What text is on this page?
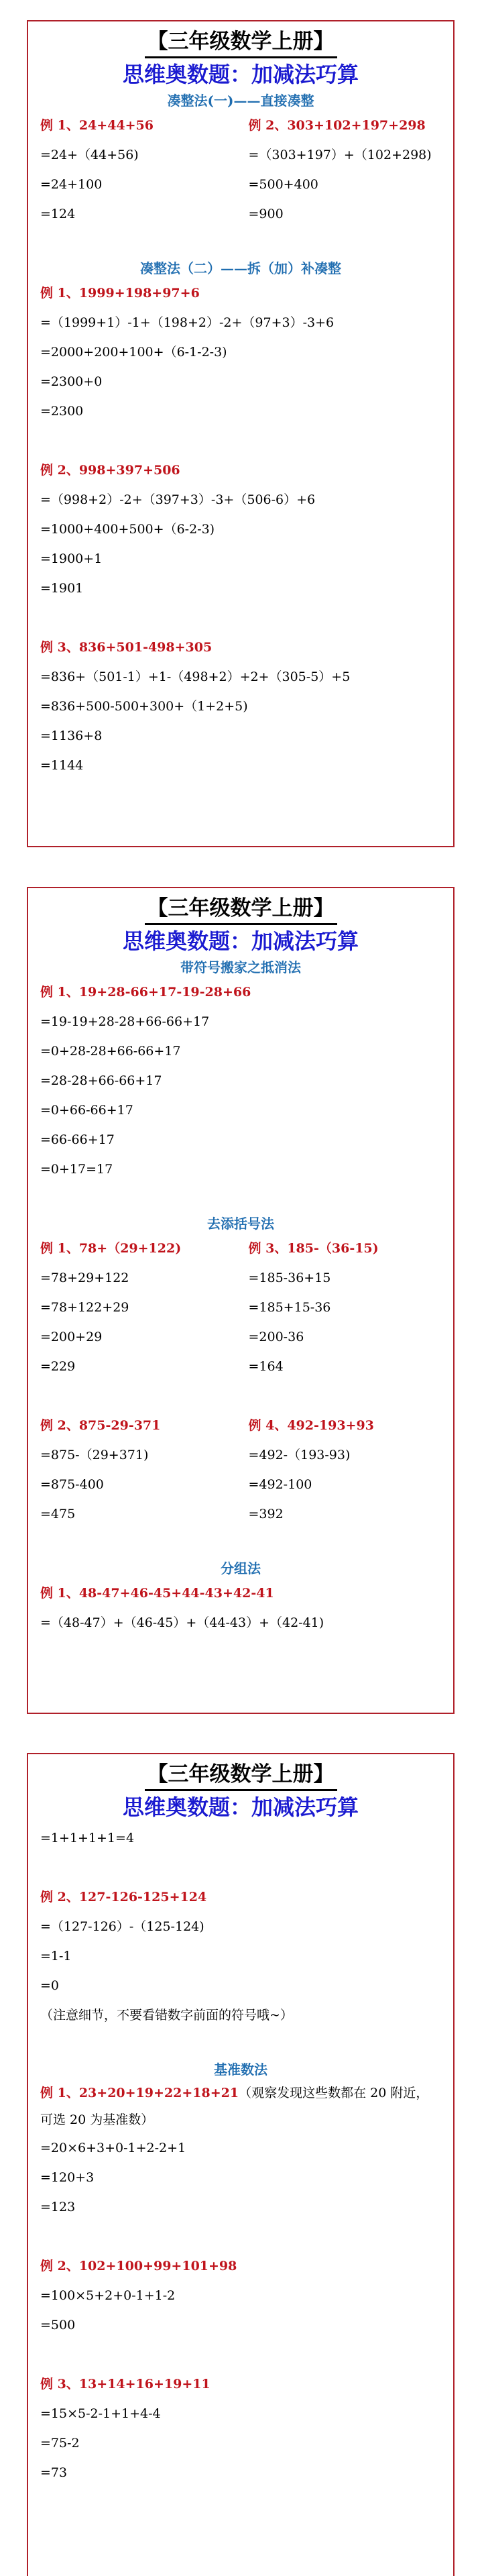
【三年级数学上册】
思维奥数题：加减法巧算
凑整法(一)——直接凑整
例 1、24+44+56
=24+（44+56)
=24+100
=124
例 2、303+102+197+298
=（303+197）+（102+298)
=500+400
=900
凑整法（二）——拆（加）补凑整
例 1、1999+198+97+6
=（1999+1）-1+（198+2）-2+（97+3）-3+6
=2000+200+100+（6-1-2-3)
=2300+0
=2300
例 2、998+397+506
=（998+2）-2+（397+3）-3+（506-6）+6
=1000+400+500+（6-2-3)
=1900+1
=1901
例 3、836+501-498+305
=836+（501-1）+1-（498+2）+2+（305-5）+5
=836+500-500+300+（1+2+5)
=1136+8
=1144
【三年级数学上册】
思维奥数题：加减法巧算
带符号搬家之抵消法
例 1、19+28-66+17-19-28+66
=19-19+28-28+66-66+17
=0+28-28+66-66+17
=28-28+66-66+17
=0+66-66+17
=66-66+17
=0+17=17
去添括号法
例 1、78+（29+122)
=78+29+122
=78+122+29
=200+29
=229
例 3、185-（36-15)
=185-36+15
=185+15-36
=200-36
=164
例 2、875-29-371
=875-（29+371)
=875-400
=475
例 4、492-193+93
=492-（193-93)
=492-100
=392
分组法
例 1、48-47+46-45+44-43+42-41
=（48-47）+（46-45）+（44-43）+（42-41)
【三年级数学上册】
思维奥数题：加减法巧算
=1+1+1+1=4
例 2、127-126-125+124
=（127-126）-（125-124)
=1-1
=0
（注意细节，不要看错数字前面的符号哦~）
基准数法
例 1、23+20+19+22+18+21（观察发现这些数都在 20 附近，可选 20 为基准数）
=20×6+3+0-1+2-2+1
=120+3
=123
例 2、102+100+99+101+98
=100×5+2+0-1+1-2
=500
例 3、13+14+16+19+11
=15×5-2-1+1+4-4
=75-2
=73
